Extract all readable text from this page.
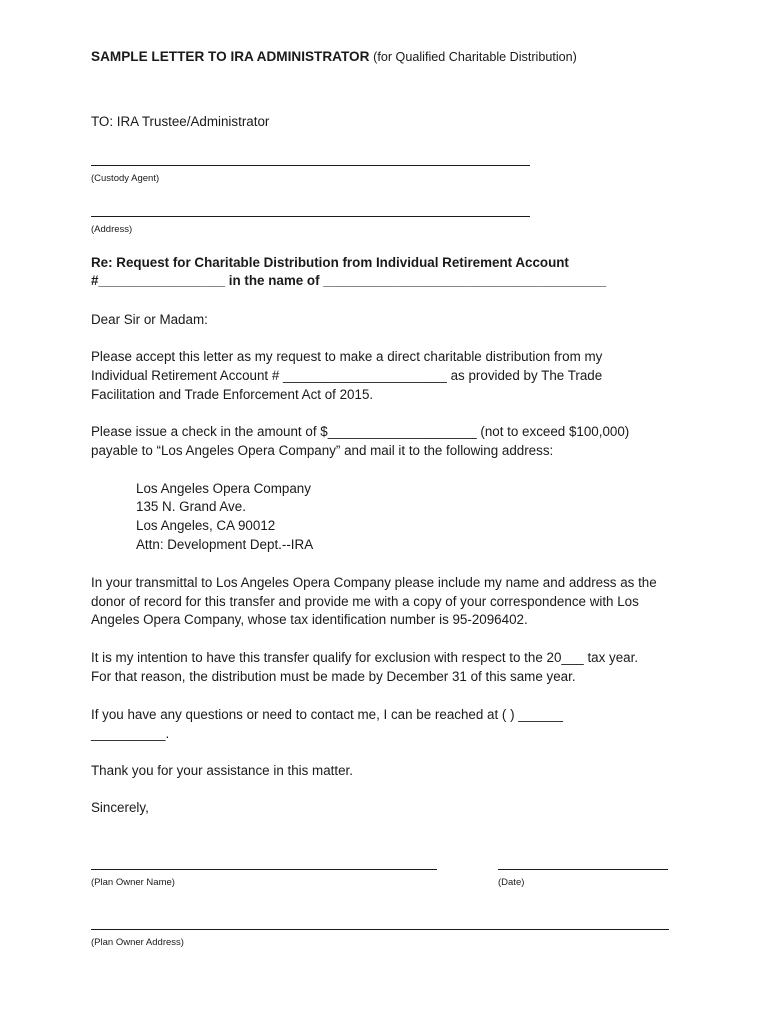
SAMPLE LETTER TO IRA ADMINISTRATOR (for Qualified Charitable Distribution)
TO: IRA Trustee/Administrator
(Custody Agent)
(Address)
Re: Request for Charitable Distribution from Individual Retirement Account
#_________________ in the name of ______________________________________
Dear Sir or Madam:
Please accept this letter as my request to make a direct charitable distribution from my
Individual Retirement Account # ______________________ as provided by The Trade
Facilitation and Trade Enforcement Act of 2015.
Please issue a check in the amount of $____________________ (not to exceed $100,000)
payable to “Los Angeles Opera Company” and mail it to the following address:
Los Angeles Opera Company
135 N. Grand Ave.
Los Angeles, CA 90012
Attn: Development Dept.--IRA
In your transmittal to Los Angeles Opera Company please include my name and address as the
donor of record for this transfer and provide me with a copy of your correspondence with Los
Angeles Opera Company, whose tax identification number is 95-2096402.
It is my intention to have this transfer qualify for exclusion with respect to the 20___ tax year.
For that reason, the distribution must be made by December 31 of this same year.
If you have any questions or need to contact me, I can be reached at ( ) ______
__________.
Thank you for your assistance in this matter.
Sincerely,
(Plan Owner Name)	(Date)
(Plan Owner Address)
